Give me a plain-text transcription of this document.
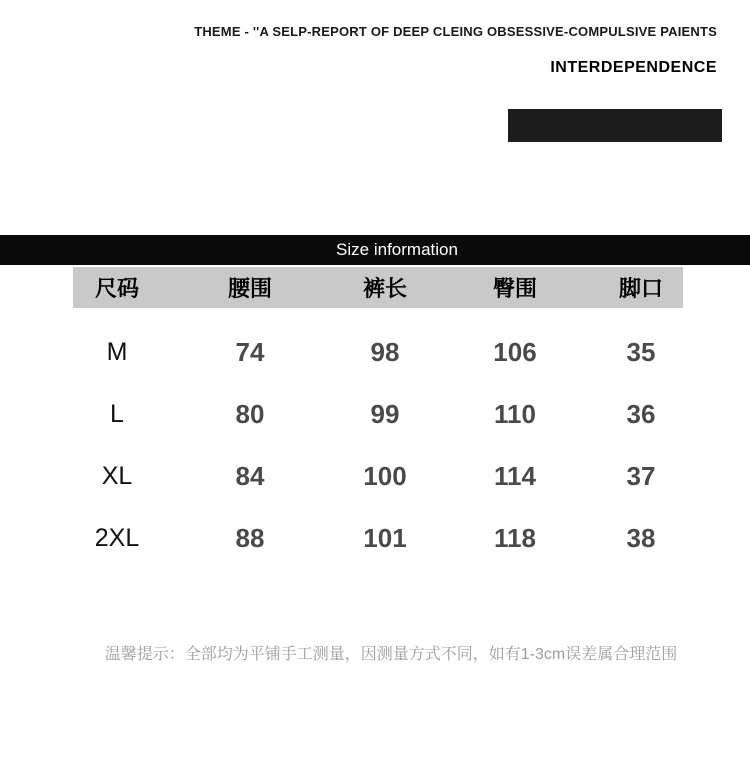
THEME - ''A SELP-REPORT OF DEEP CLEING OBSESSIVE-COMPULSIVE PAIENTS
INTERDEPENDENCE
Size information
尺码	腰围	裤长	臀围	脚口
M	74	98	106	35
L	80	99	110	36
XL	84	100	114	37
2XL	88	101	118	38
温馨提示：全部均为平铺手工测量，因测量方式不同，如有1-3cm误差属合理范围
